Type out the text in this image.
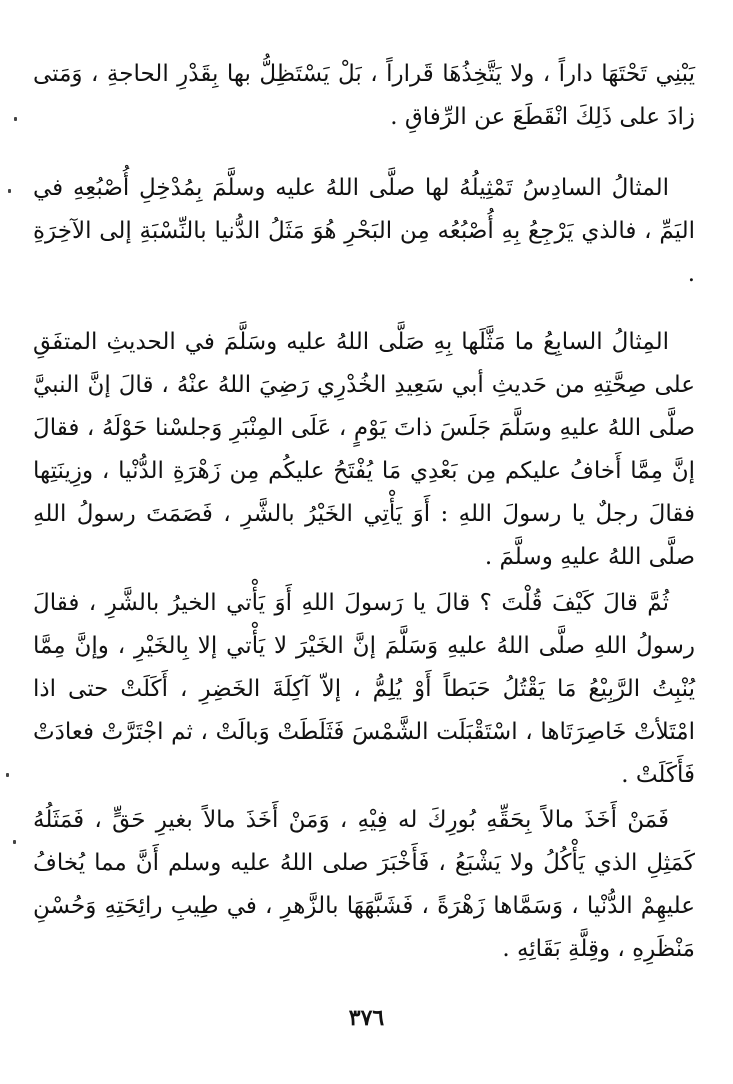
يَبْنِي تَحْتَهَا داراً ، ولا يَتَّخِذُهَا قَراراً ، بَلْ يَسْتَظِلُّ بها بِقَدْرِ الحاجةِ ، وَمَتى زادَ على ذَلِكَ انْقَطَعَ عن الرِّفاقِ .

المثالُ السادِسُ تَمْثِيلُهُ لها صلَّى اللهُ عليه وسلَّمَ بِمُدْخِلِ أُصْبُعِهِ في اليَمِّ ، فالذي يَرْجِعُ بِهِ أُصْبُعُه مِن البَحْرِ هُوَ مَثَلُ الدُّنيا بالنِّسْبَةِ إلى الآخِرَةِ .

المِثالُ السابِعُ ما مَثَّلَها بِهِ صَلَّى اللهُ عليه وسَلَّمَ في الحديثِ المتفَقِ على صِحَّتِهِ من حَديثِ أبي سَعِيدِ الخُدْرِي رَضِيَ اللهُ عنْهُ ، قالَ إنَّ النبيَّ صلَّى اللهُ عليهِ وسَلَّمَ جَلَسَ ذاتَ يَوْمٍ ، عَلَى المِنْبَرِ وَجلسْنا حَوْلَهُ ، فقالَ إنَّ مِمَّا أَخافُ عليكم مِن بَعْدِي مَا يُفْتَحُ عليكُم مِن زَهْرَةِ الدُّنْيا ، وزِينَتِها فقالَ رجلٌ يا رسولَ اللهِ : أَوَ يَأْتِي الخَيْرُ بالشَّرِ ، فَصَمَتَ رسولُ اللهِ صلَّى اللهُ عليهِ وسلَّمَ .

ثُمَّ قالَ كَيْفَ قُلْتَ ؟ قالَ يا رَسولَ اللهِ أَوَ يَأْتي الخيرُ بالشَّرِ ، فقالَ رسولُ اللهِ صلَّى اللهُ عليهِ وَسَلَّمَ إنَّ الخَيْرَ لا يَأْتي إلا بِالخَيْرِ ، وإنَّ مِمَّا يُنْبِتُ الرَّبِيْعُ مَا يَقْتُلُ حَبَطاً أَوْ يُلِمُّ ، إلاّ آكِلَةَ الخَضِرِ ، أَكَلَتْ حتى اذا امْتَلأتْ خَاصِرَتَاها ، اسْتَقْبَلَت الشَّمْسَ فَثَلَطَتْ وَبالَتْ ، ثم اجْتَرَّتْ فعادَتْ فَأَكَلَتْ .

فَمَنْ أَخَذَ مالاً بِحَقِّهِ بُورِكَ له فِيْهِ ، وَمَنْ أَخَذَ مالاً بغيرِ حَقٍّ ، فَمَثَلُهُ كَمَثِلِ الذي يَأْكُلُ ولا يَشْبَعُ ، فَأَخْبَرَ صلى اللهُ عليه وسلم أَنَّ مما يُخافُ عليهِمْ الدُّنْيا ، وَسَمَّاها زَهْرَةً ، فَشَبَّهَهَا بالزَّهرِ ، في طِيبِ رائِحَتِهِ وَحُسْنِ مَنْظَرِهِ ، وقِلَّةِ بَقَائِهِ .

٣٧٦
